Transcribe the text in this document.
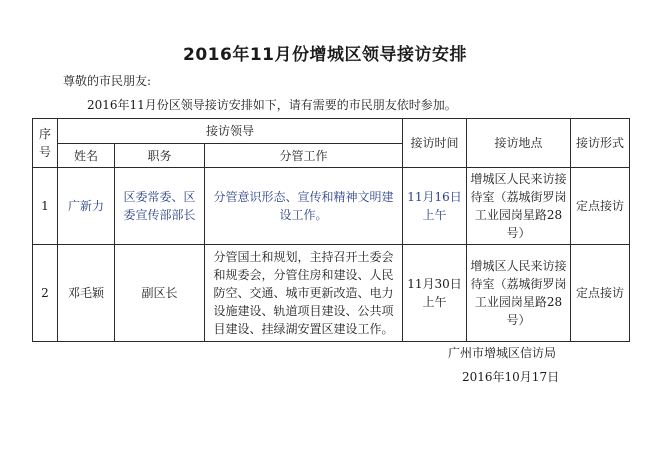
2016年11月份增城区领导接访安排
尊敬的市民朋友:
2016年11月份区领导接访安排如下，请有需要的市民朋友依时参加。
序号	接访领导			接访时间	接访地点	接访形式
	姓名	职务	分管工作			
1	广新力	区委常委、区委宣传部部长	分管意识形态、宣传和精神文明建设工作。	11月16日上午	增城区人民来访接待室（荔城街罗岗工业园岗星路28号）	定点接访
2	邓毛颖	副区长	分管国土和规划，主持召开土委会和规委会，分管住房和建设、人民防空、交通、城市更新改造、电力设施建设、轨道项目建设、公共项目建设、挂绿湖安置区建设工作。	11月30日上午	增城区人民来访接待室（荔城街罗岗工业园岗星路28号）	定点接访
广州市增城区信访局
2016年10月17日
